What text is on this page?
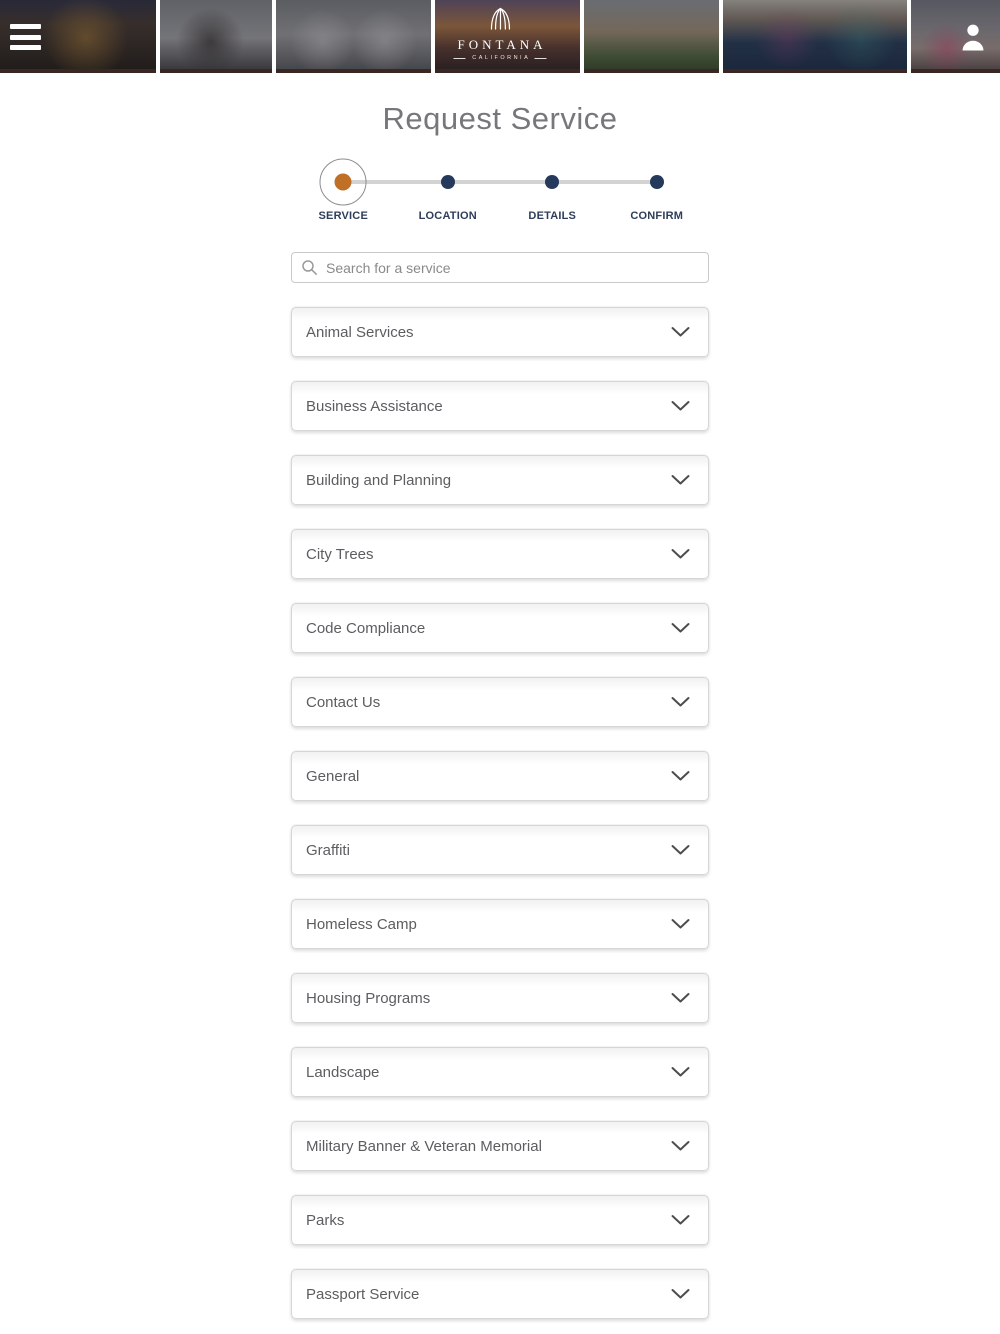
FONTANA
CALIFORNIA
Request Service
SERVICE	LOCATION	DETAILS	CONFIRM
Search for a service
Animal Services
Business Assistance
Building and Planning
City Trees
Code Compliance
Contact Us
General
Graffiti
Homeless Camp
Housing Programs
Landscape
Military Banner & Veteran Memorial
Parks
Passport Service
